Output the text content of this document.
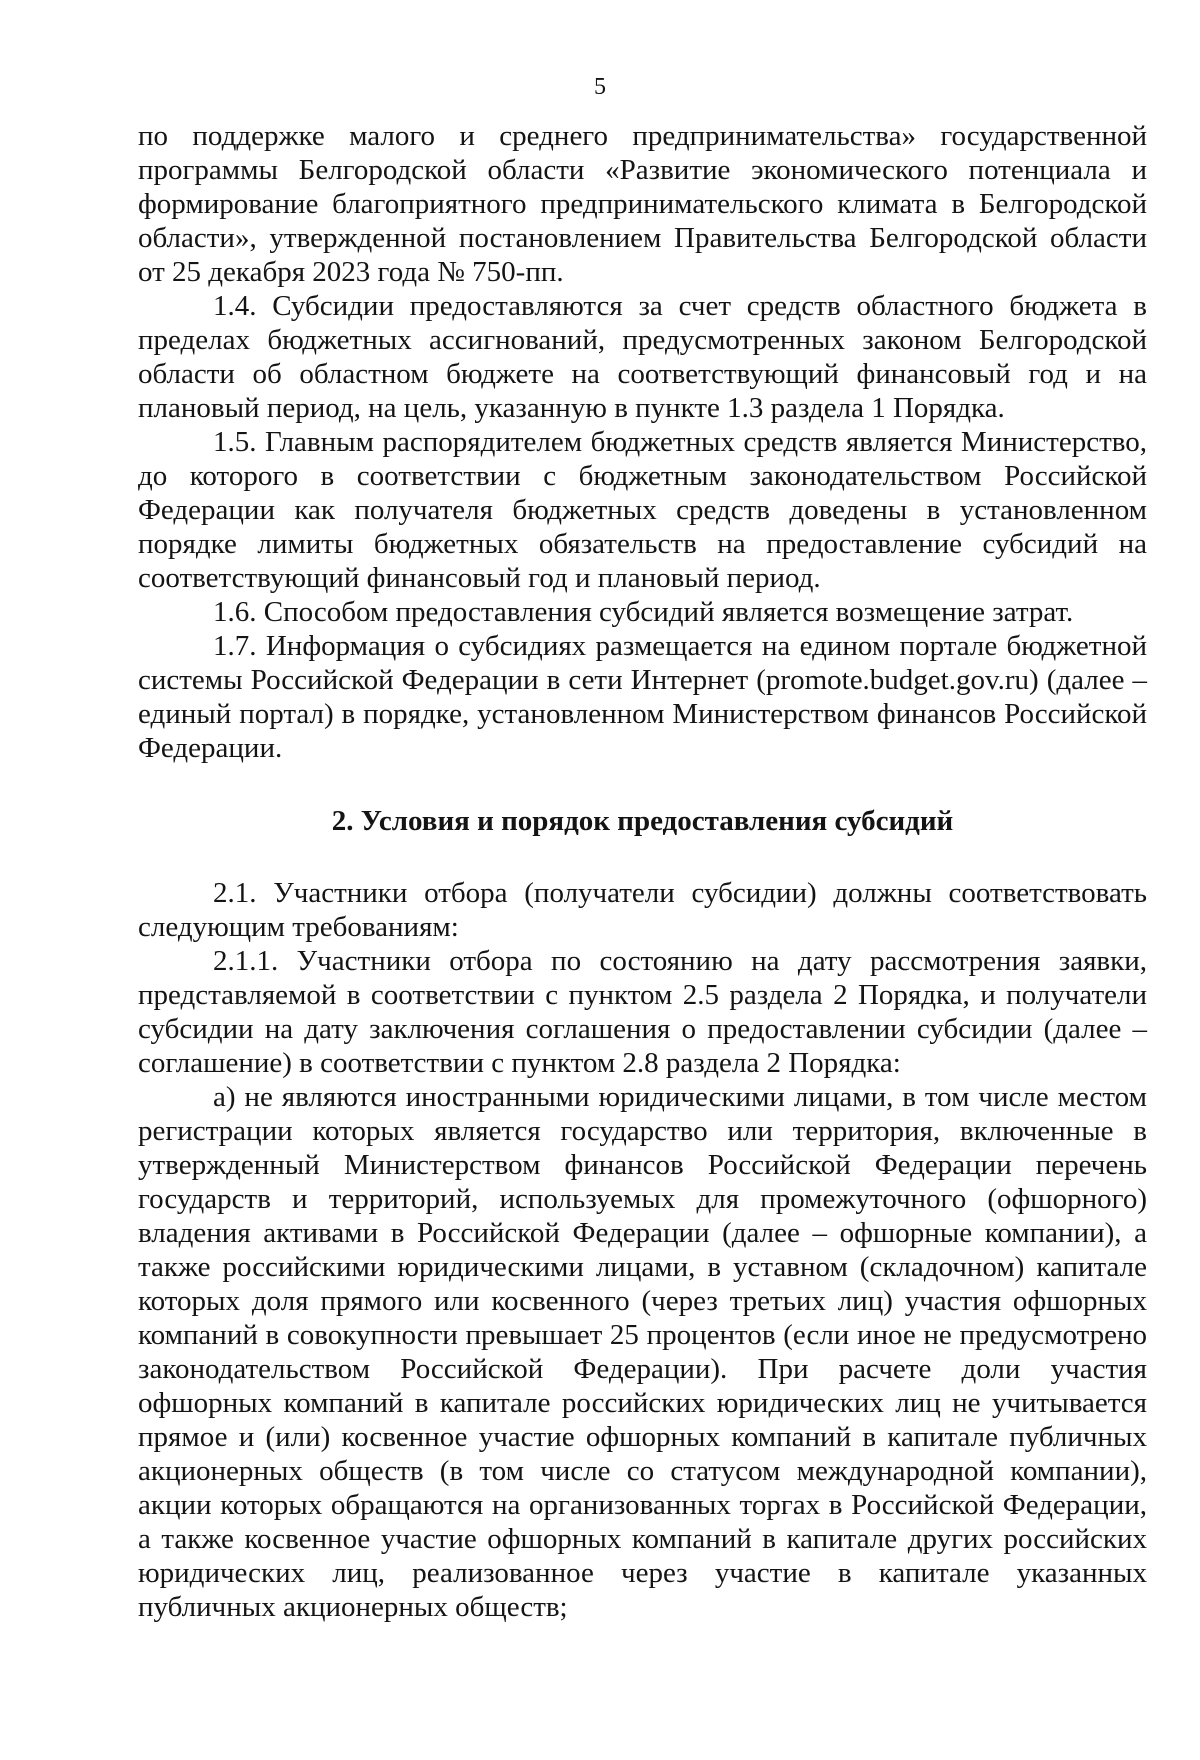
5

по поддержке малого и среднего предпринимательства» государственной программы Белгородской области «Развитие экономического потенциала и формирование благоприятного предпринимательского климата в Белгородской области», утвержденной постановлением Правительства Белгородской области от 25 декабря 2023 года № 750-пп.

1.4. Субсидии предоставляются за счет средств областного бюджета в пределах бюджетных ассигнований, предусмотренных законом Белгородской области об областном бюджете на соответствующий финансовый год и на плановый период, на цель, указанную в пункте 1.3 раздела 1 Порядка.

1.5. Главным распорядителем бюджетных средств является Министерство, до которого в соответствии с бюджетным законодательством Российской Федерации как получателя бюджетных средств доведены в установленном порядке лимиты бюджетных обязательств на предоставление субсидий на соответствующий финансовый год и плановый период.

1.6. Способом предоставления субсидий является возмещение затрат.

1.7. Информация о субсидиях размещается на едином портале бюджетной системы Российской Федерации в сети Интернет (promote.budget.gov.ru) (далее – единый портал) в порядке, установленном Министерством финансов Российской Федерации.

2. Условия и порядок предоставления субсидий

2.1. Участники отбора (получатели субсидии) должны соответствовать следующим требованиям:

2.1.1. Участники отбора по состоянию на дату рассмотрения заявки, представляемой в соответствии с пунктом 2.5 раздела 2 Порядка, и получатели субсидии на дату заключения соглашения о предоставлении субсидии (далее – соглашение) в соответствии с пунктом 2.8 раздела 2 Порядка:

а) не являются иностранными юридическими лицами, в том числе местом регистрации которых является государство или территория, включенные в утвержденный Министерством финансов Российской Федерации перечень государств и территорий, используемых для промежуточного (офшорного) владения активами в Российской Федерации (далее – офшорные компании), а также российскими юридическими лицами, в уставном (складочном) капитале которых доля прямого или косвенного (через третьих лиц) участия офшорных компаний в совокупности превышает 25 процентов (если иное не предусмотрено законодательством Российской Федерации). При расчете доли участия офшорных компаний в капитале российских юридических лиц не учитывается прямое и (или) косвенное участие офшорных компаний в капитале публичных акционерных обществ (в том числе со статусом международной компании), акции которых обращаются на организованных торгах в Российской Федерации, а также косвенное участие офшорных компаний в капитале других российских юридических лиц, реализованное через участие в капитале указанных публичных акционерных обществ;
